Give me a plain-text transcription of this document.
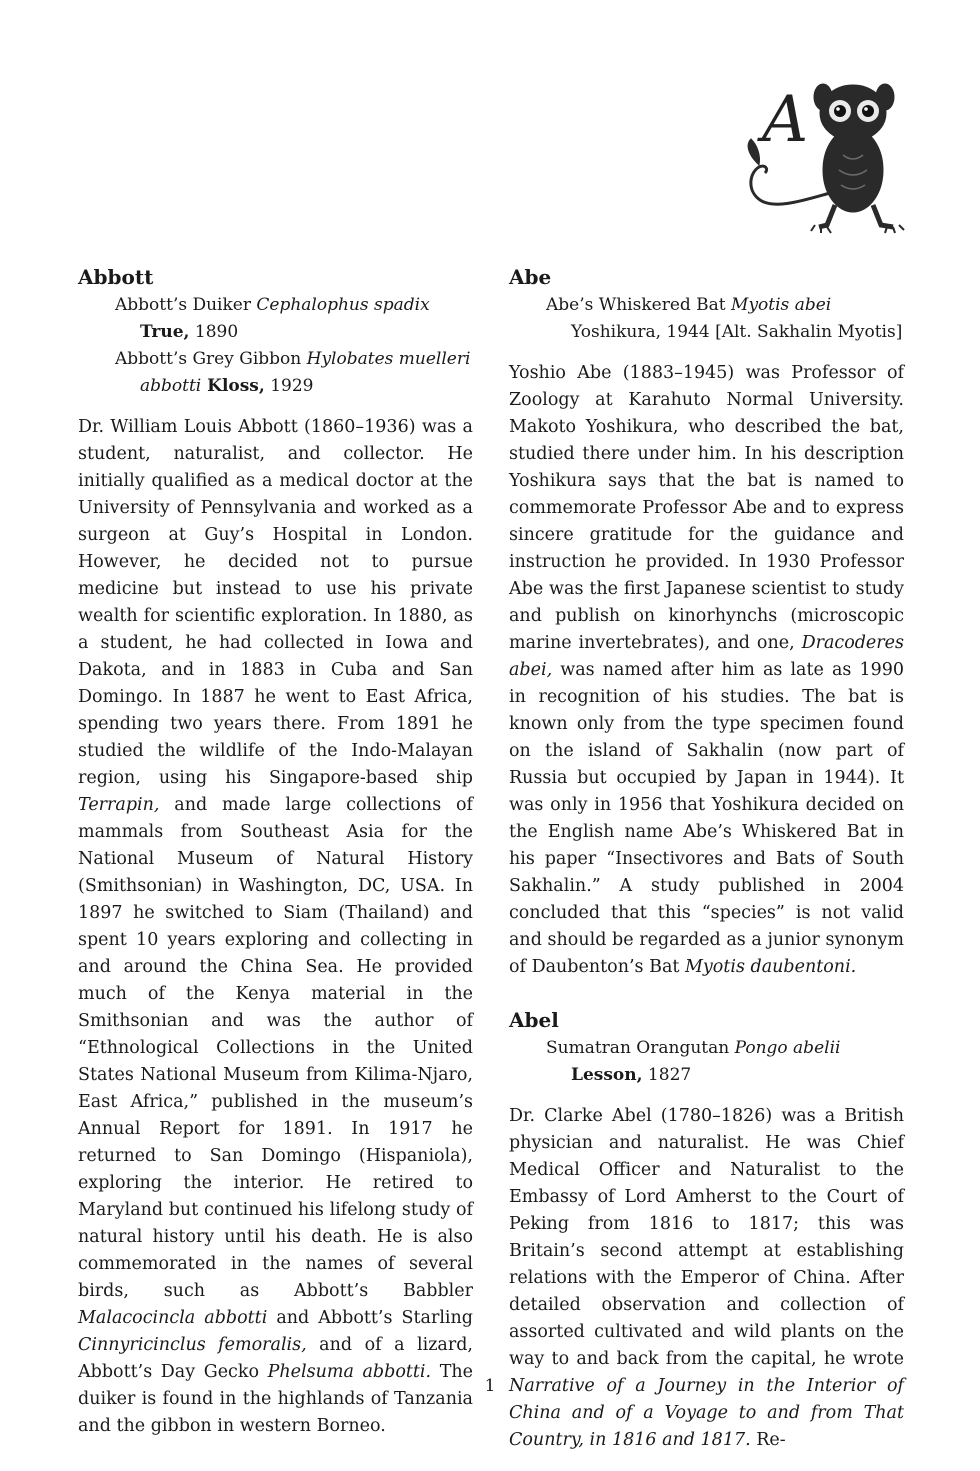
A
Abbott
Abbott’s Duiker Cephalophus spadix True, 1890
Abbott’s Grey Gibbon Hylobates muelleri abbotti Kloss, 1929

Dr. William Louis Abbott (1860–1936) was a student, naturalist, and collector. He initially qualified as a medical doctor at the University of Pennsylvania and worked as a surgeon at Guy’s Hospital in London. However, he decided not to pursue medicine but instead to use his private wealth for scientific exploration. In 1880, as a student, he had collected in Iowa and Dakota, and in 1883 in Cuba and San Domingo. In 1887 he went to East Africa, spending two years there. From 1891 he studied the wildlife of the Indo-Malayan region, using his Singapore-based ship Terrapin, and made large collections of mammals from Southeast Asia for the National Museum of Natural History (Smithsonian) in Washington, DC, USA. In 1897 he switched to Siam (Thailand) and spent 10 years exploring and collecting in and around the China Sea. He provided much of the Kenya material in the Smithsonian and was the author of “Ethnological Collections in the United States National Museum from Kilima-Njaro, East Africa,” published in the museum’s Annual Report for 1891. In 1917 he returned to San Domingo (Hispaniola), exploring the interior. He retired to Maryland but continued his lifelong study of natural history until his death. He is also commemorated in the names of several birds, such as Abbott’s Babbler Malacocincla abbotti and Abbott’s Starling Cinnyricinclus femoralis, and of a lizard, Abbott’s Day Gecko Phelsuma abbotti. The duiker is found in the highlands of Tanzania and the gibbon in western Borneo.

Abe
Abe’s Whiskered Bat Myotis abei Yoshikura, 1944 [Alt. Sakhalin Myotis]

Yoshio Abe (1883–1945) was Professor of Zoology at Karahuto Normal University. Makoto Yoshikura, who described the bat, studied there under him. In his description Yoshikura says that the bat is named to commemorate Professor Abe and to express sincere gratitude for the guidance and instruction he provided. In 1930 Professor Abe was the first Japanese scientist to study and publish on kinorhynchs (microscopic marine invertebrates), and one, Dracoderes abei, was named after him as late as 1990 in recognition of his studies. The bat is known only from the type specimen found on the island of Sakhalin (now part of Russia but occupied by Japan in 1944). It was only in 1956 that Yoshikura decided on the English name Abe’s Whiskered Bat in his paper “Insectivores and Bats of South Sakhalin.” A study published in 2004 concluded that this “species” is not valid and should be regarded as a junior synonym of Daubenton’s Bat Myotis daubentoni.

Abel
Sumatran Orangutan Pongo abelii Lesson, 1827

Dr. Clarke Abel (1780–1826) was a British physician and naturalist. He was Chief Medical Officer and Naturalist to the Embassy of Lord Amherst to the Court of Peking from 1816 to 1817; this was Britain’s second attempt at establishing relations with the Emperor of China. After detailed observation and collection of assorted cultivated and wild plants on the way to and back from the capital, he wrote Narrative of a Journey in the Interior of China and of a Voyage to and from That Country, in 1816 and 1817. Re-

1
